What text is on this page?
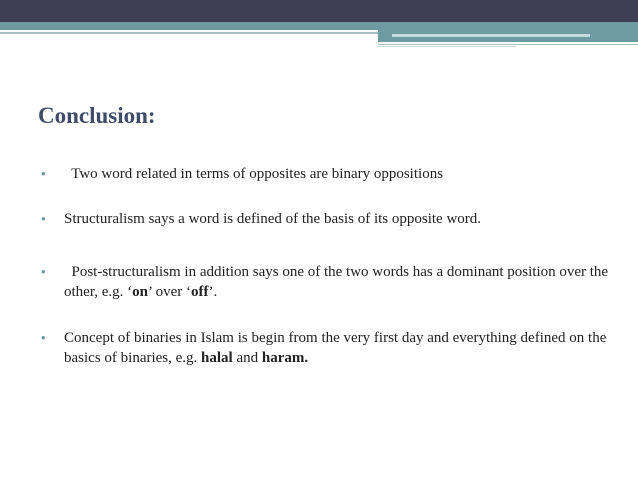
Conclusion:
•	Two word related in terms of opposites are binary oppositions
• Structuralism says a word is defined of the basis of its opposite word.
•	Post-structuralism in addition says one of the two words has a dominant position over the other, e.g. ‘on’ over ‘off’.
• Concept of binaries in Islam is begin from the very first day and everything defined on the basics of binaries, e.g. halal and haram.
